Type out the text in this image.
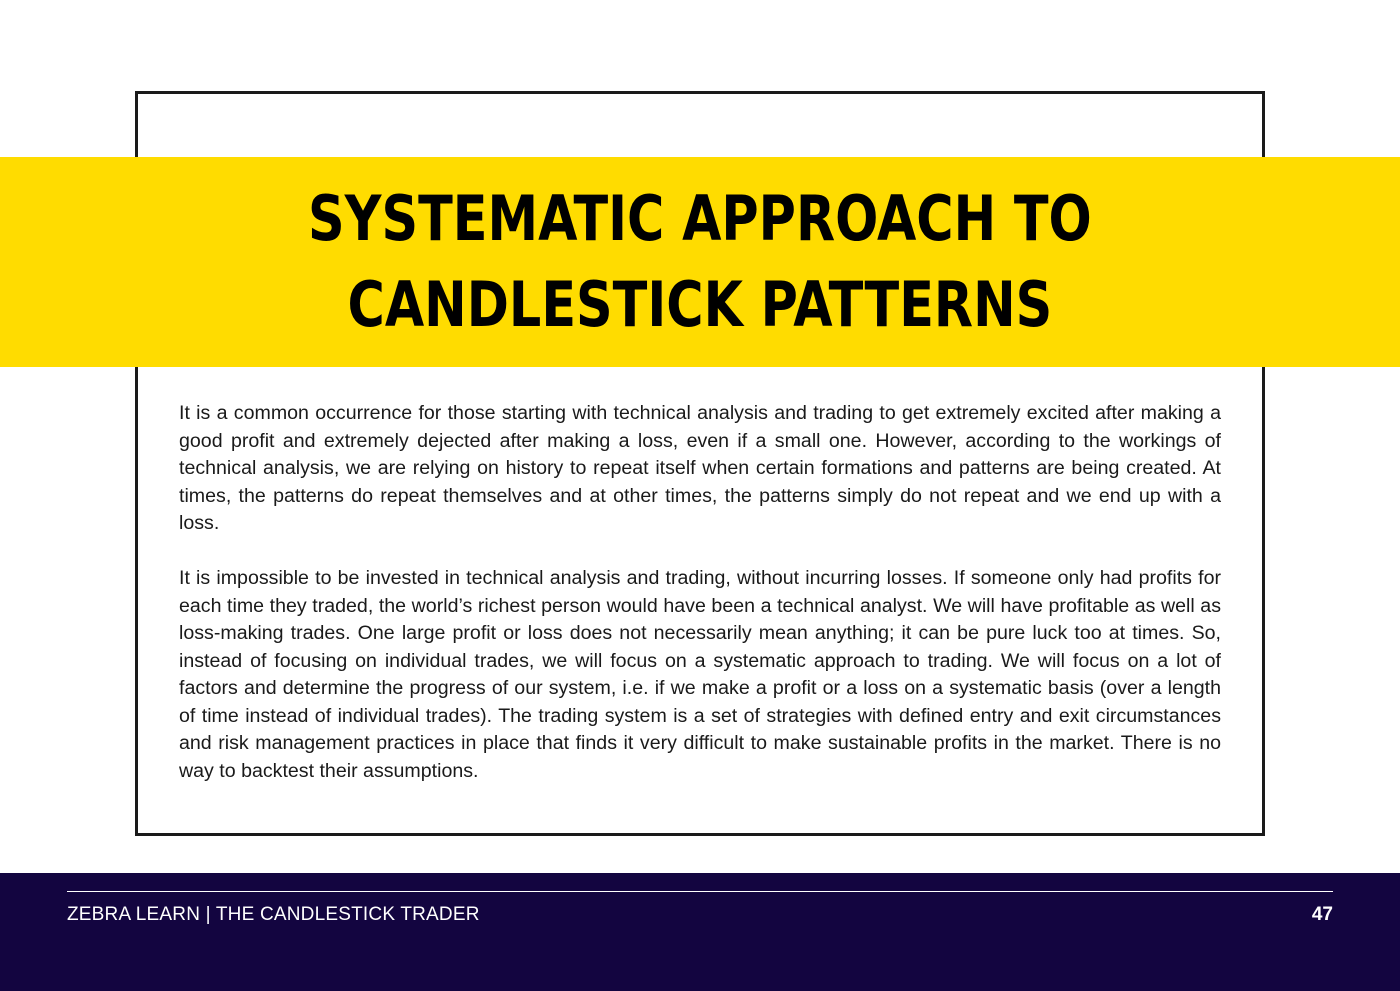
SYSTEMATIC APPROACH TO
CANDLESTICK PATTERNS

It is a common occurrence for those starting with technical analysis and trading to get extremely excited after making a good profit and extremely dejected after making a loss, even if a small one. However, according to the workings of technical analysis, we are relying on history to repeat itself when certain formations and patterns are being created. At times, the patterns do repeat themselves and at other times, the patterns simply do not repeat and we end up with a loss.

It is impossible to be invested in technical analysis and trading, without incurring losses. If someone only had profits for each time they traded, the world’s richest person would have been a technical analyst. We will have profitable as well as loss-making trades. One large profit or loss does not necessarily mean anything; it can be pure luck too at times. So, instead of focusing on individual trades, we will focus on a systematic approach to trading. We will focus on a lot of factors and determine the progress of our system, i.e. if we make a profit or a loss on a systematic basis (over a length of time instead of individual trades). The trading system is a set of strategies with defined entry and exit circumstances and risk management practices in place that finds it very difficult to make sustainable profits in the market. There is no way to backtest their assumptions.

ZEBRA LEARN | THE CANDLESTICK TRADER	47
